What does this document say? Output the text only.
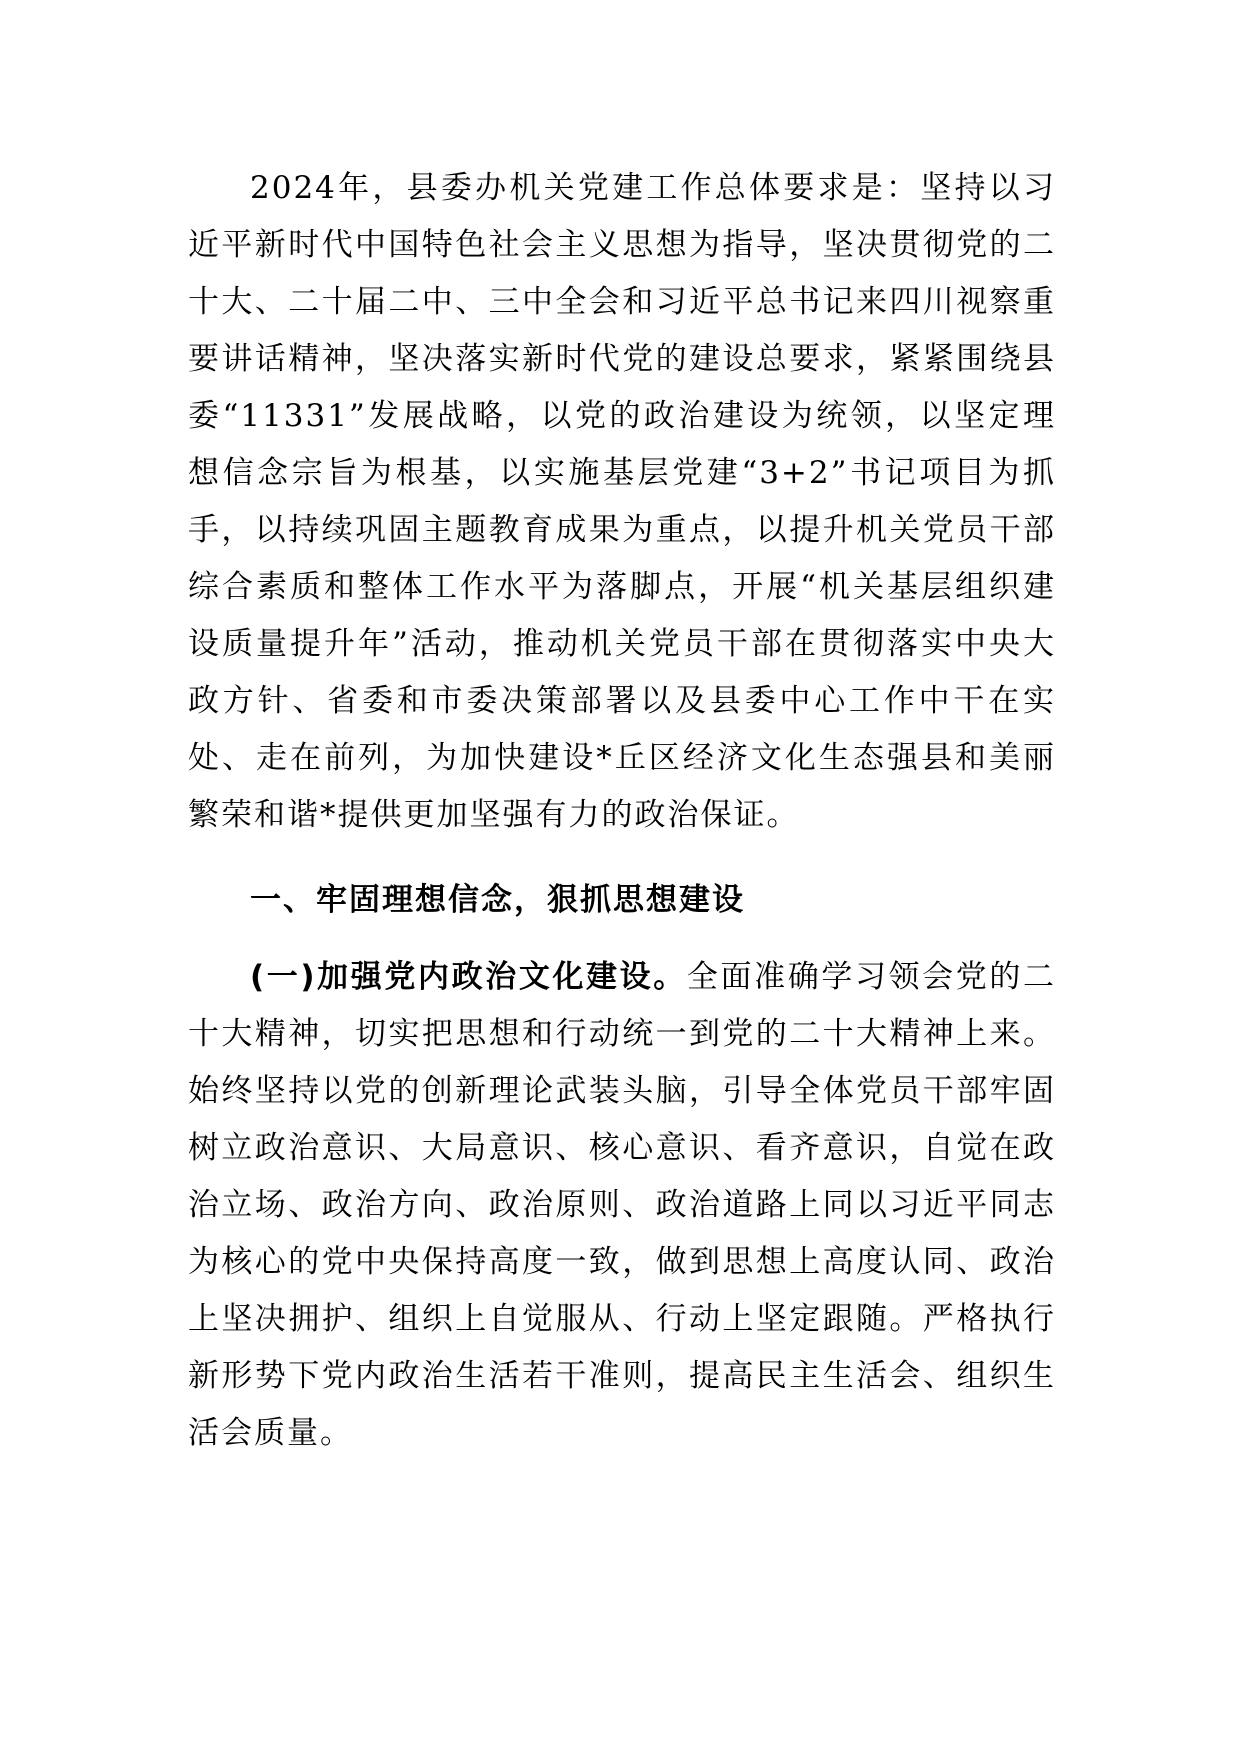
2024年，县委办机关党建工作总体要求是：坚持以习近平新时代中国特色社会主义思想为指导，坚决贯彻党的二十大、二十届二中、三中全会和习近平总书记来四川视察重要讲话精神，坚决落实新时代党的建设总要求，紧紧围绕县委“11331”发展战略，以党的政治建设为统领，以坚定理想信念宗旨为根基，以实施基层党建“3+2”书记项目为抓手，以持续巩固主题教育成果为重点，以提升机关党员干部综合素质和整体工作水平为落脚点，开展“机关基层组织建设质量提升年”活动，推动机关党员干部在贯彻落实中央大政方针、省委和市委决策部署以及县委中心工作中干在实处、走在前列，为加快建设*丘区经济文化生态强县和美丽繁荣和谐*提供更加坚强有力的政治保证。

一、牢固理想信念，狠抓思想建设

(一)加强党内政治文化建设。全面准确学习领会党的二十大精神，切实把思想和行动统一到党的二十大精神上来。始终坚持以党的创新理论武装头脑，引导全体党员干部牢固树立政治意识、大局意识、核心意识、看齐意识，自觉在政治立场、政治方向、政治原则、政治道路上同以习近平同志为核心的党中央保持高度一致，做到思想上高度认同、政治上坚决拥护、组织上自觉服从、行动上坚定跟随。严格执行新形势下党内政治生活若干准则，提高民主生活会、组织生活会质量。
